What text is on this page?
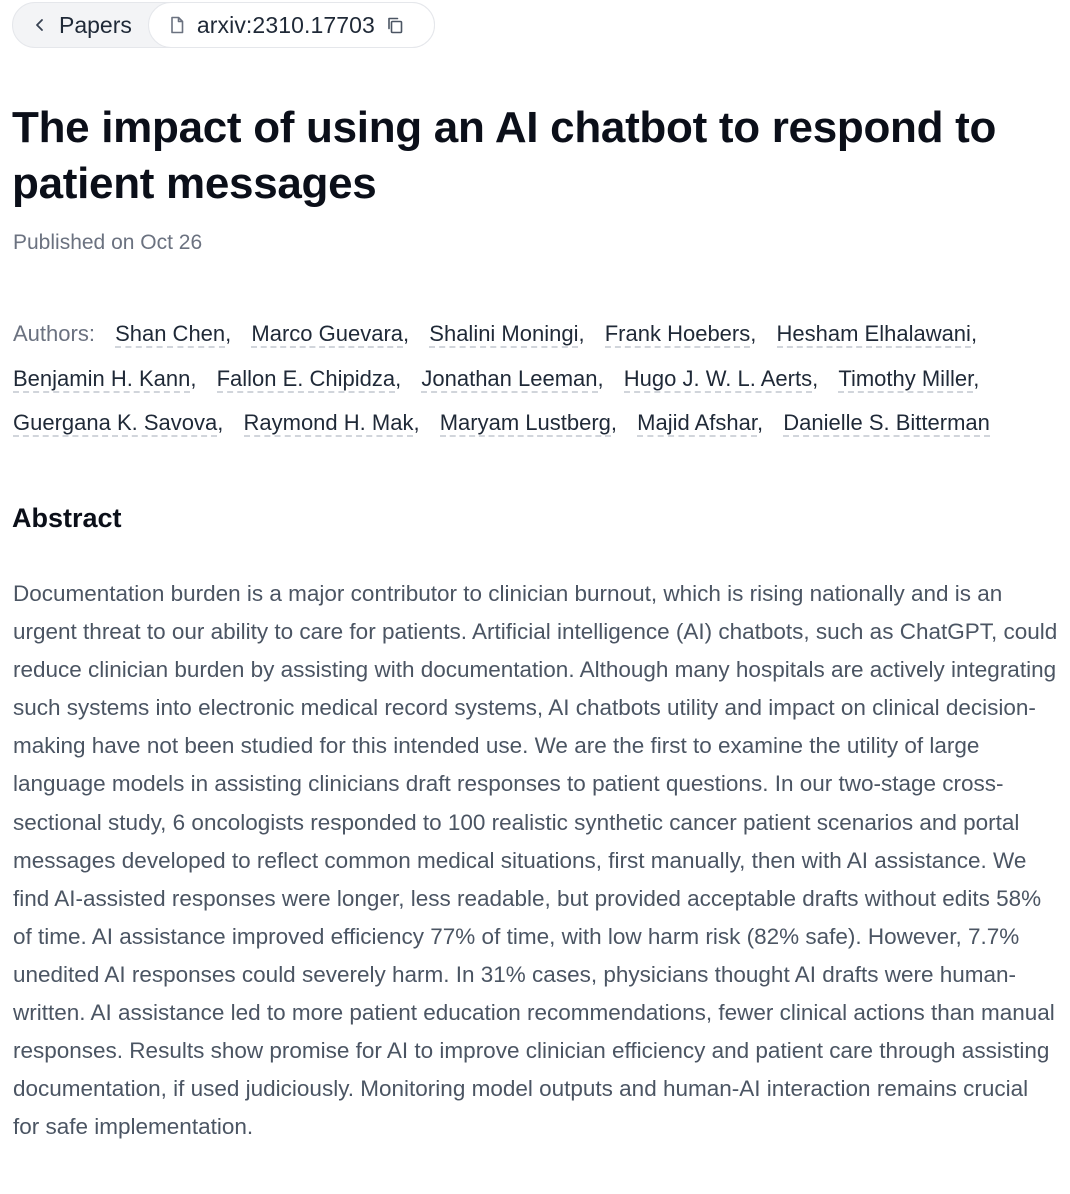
Papers	arxiv:2310.17703
The impact of using an AI chatbot to respond to patient messages
Published on Oct 26
Authors: Shan Chen, Marco Guevara, Shalini Moningi, Frank Hoebers, Hesham Elhalawani, Benjamin H. Kann, Fallon E. Chipidza, Jonathan Leeman, Hugo J. W. L. Aerts, Timothy Miller, Guergana K. Savova, Raymond H. Mak, Maryam Lustberg, Majid Afshar, Danielle S. Bitterman
Abstract

Documentation burden is a major contributor to clinician burnout, which is rising nationally and is an urgent threat to our ability to care for patients. Artificial intelligence (AI) chatbots, such as ChatGPT, could reduce clinician burden by assisting with documentation. Although many hospitals are actively integrating such systems into electronic medical record systems, AI chatbots utility and impact on clinical decision-making have not been studied for this intended use. We are the first to examine the utility of large language models in assisting clinicians draft responses to patient questions. In our two-stage cross-sectional study, 6 oncologists responded to 100 realistic synthetic cancer patient scenarios and portal messages developed to reflect common medical situations, first manually, then with AI assistance. We find AI-assisted responses were longer, less readable, but provided acceptable drafts without edits 58% of time. AI assistance improved efficiency 77% of time, with low harm risk (82% safe). However, 7.7% unedited AI responses could severely harm. In 31% cases, physicians thought AI drafts were human-written. AI assistance led to more patient education recommendations, fewer clinical actions than manual responses. Results show promise for AI to improve clinician efficiency and patient care through assisting documentation, if used judiciously. Monitoring model outputs and human-AI interaction remains crucial for safe implementation.
